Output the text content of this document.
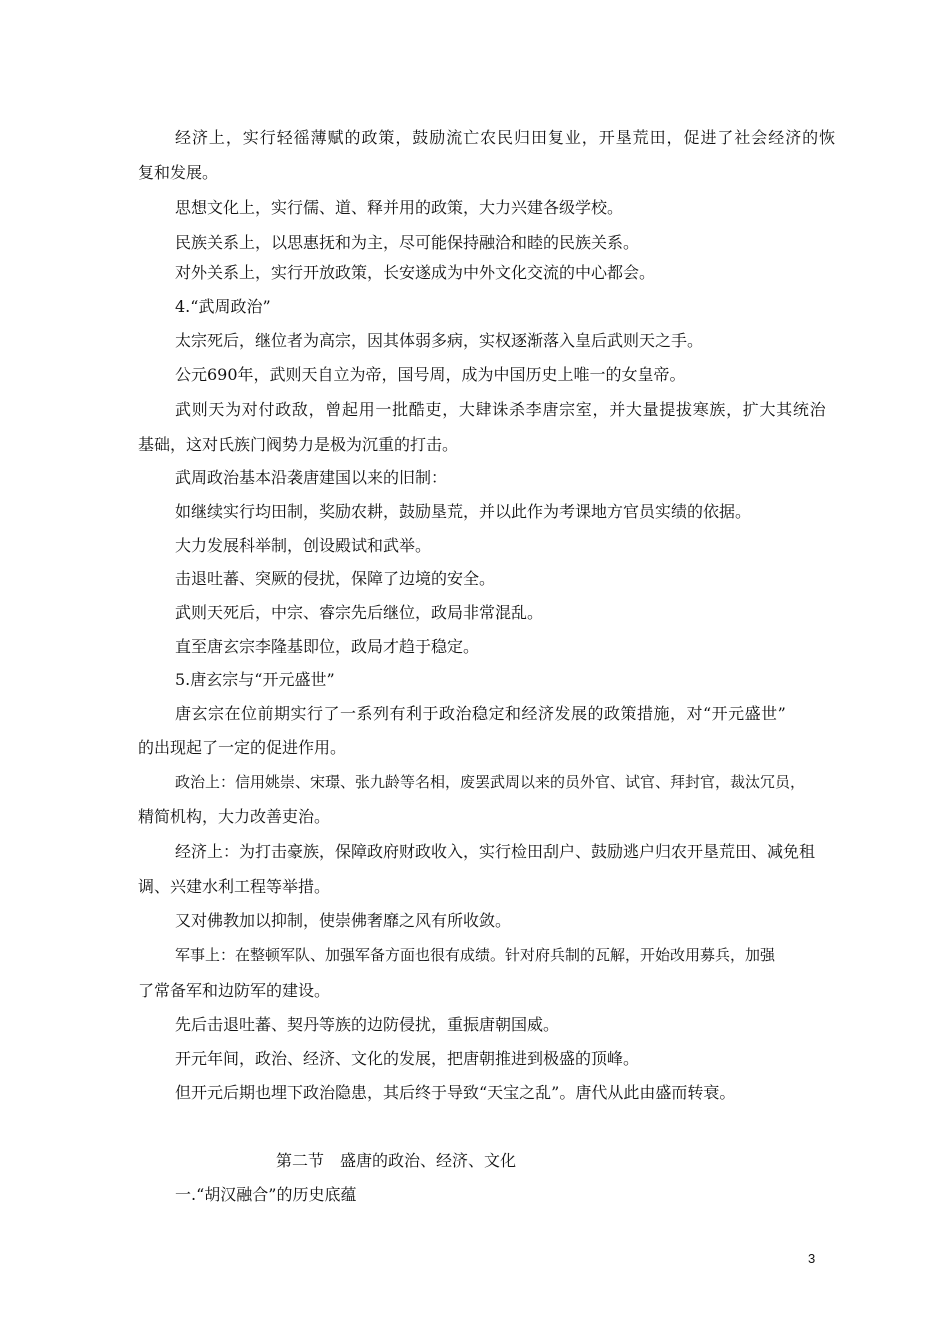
经济上，实行轻徭薄赋的政策，鼓励流亡农民归田复业，开垦荒田，促进了社会经济的恢
复和发展。
思想文化上，实行儒、道、释并用的政策，大力兴建各级学校。
民族关系上，以思惠抚和为主，尽可能保持融洽和睦的民族关系。
对外关系上，实行开放政策，长安遂成为中外文化交流的中心都会。
4.“武周政治”
太宗死后，继位者为高宗，因其体弱多病，实权逐渐落入皇后武则天之手。
公元690年，武则天自立为帝，国号周，成为中国历史上唯一的女皇帝。
武则天为对付政敌，曾起用一批酷吏，大肆诛杀李唐宗室，并大量提拔寒族，扩大其统治
基础，这对氏族门阀势力是极为沉重的打击。
武周政治基本沿袭唐建国以来的旧制：
如继续实行均田制，奖励农耕，鼓励垦荒，并以此作为考课地方官员实绩的依据。
大力发展科举制，创设殿试和武举。
击退吐蕃、突厥的侵扰，保障了边境的安全。
武则天死后，中宗、睿宗先后继位，政局非常混乱。
直至唐玄宗李隆基即位，政局才趋于稳定。
5.唐玄宗与“开元盛世”
唐玄宗在位前期实行了一系列有利于政治稳定和经济发展的政策措施，对“开元盛世”
的出现起了一定的促进作用。
政治上：信用姚崇、宋璟、张九龄等名相，废罢武周以来的员外官、试官、拜封官，裁汰冗员，
精简机构，大力改善吏治。
经济上：为打击豪族，保障政府财政收入，实行检田刮户、鼓励逃户归农开垦荒田、减免租
调、兴建水利工程等举措。
又对佛教加以抑制，使崇佛奢靡之风有所收敛。
军事上：在整顿军队、加强军备方面也很有成绩。针对府兵制的瓦解，开始改用募兵，加强
了常备军和边防军的建设。
先后击退吐蕃、契丹等族的边防侵扰，重振唐朝国威。
开元年间，政治、经济、文化的发展，把唐朝推进到极盛的顶峰。
但开元后期也埋下政治隐患，其后终于导致“天宝之乱”。唐代从此由盛而转衰。
第二节　盛唐的政治、经济、文化
一.“胡汉融合”的历史底蕴
3
